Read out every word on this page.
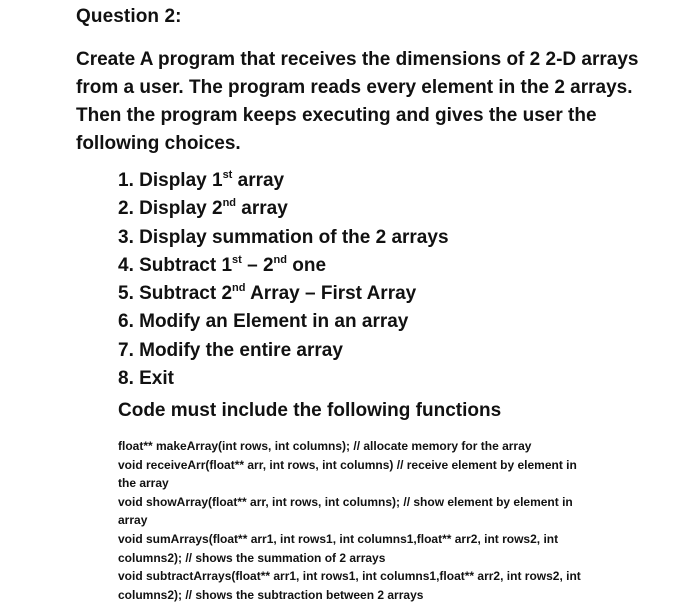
Question 2:
Create A program that receives the dimensions of 2 2-D arrays
from a user. The program reads every element in the 2 arrays.
Then the program keeps executing and gives the user the
following choices.
1. Display 1st array
2. Display 2nd array
3. Display summation of the 2 arrays
4. Subtract 1st – 2nd one
5. Subtract 2nd Array – First Array
6. Modify an Element in an array
7. Modify the entire array
8. Exit
Code must include the following functions
float** makeArray(int rows, int columns); // allocate memory for the array
void receiveArr(float** arr, int rows, int columns) // receive element by element in
the array
void showArray(float** arr, int rows, int columns); // show element by element in
array
void sumArrays(float** arr1, int rows1, int columns1,float** arr2, int rows2, int
columns2); // shows the summation of 2 arrays
void subtractArrays(float** arr1, int rows1, int columns1,float** arr2, int rows2, int
columns2); // shows the subtraction between 2 arrays
